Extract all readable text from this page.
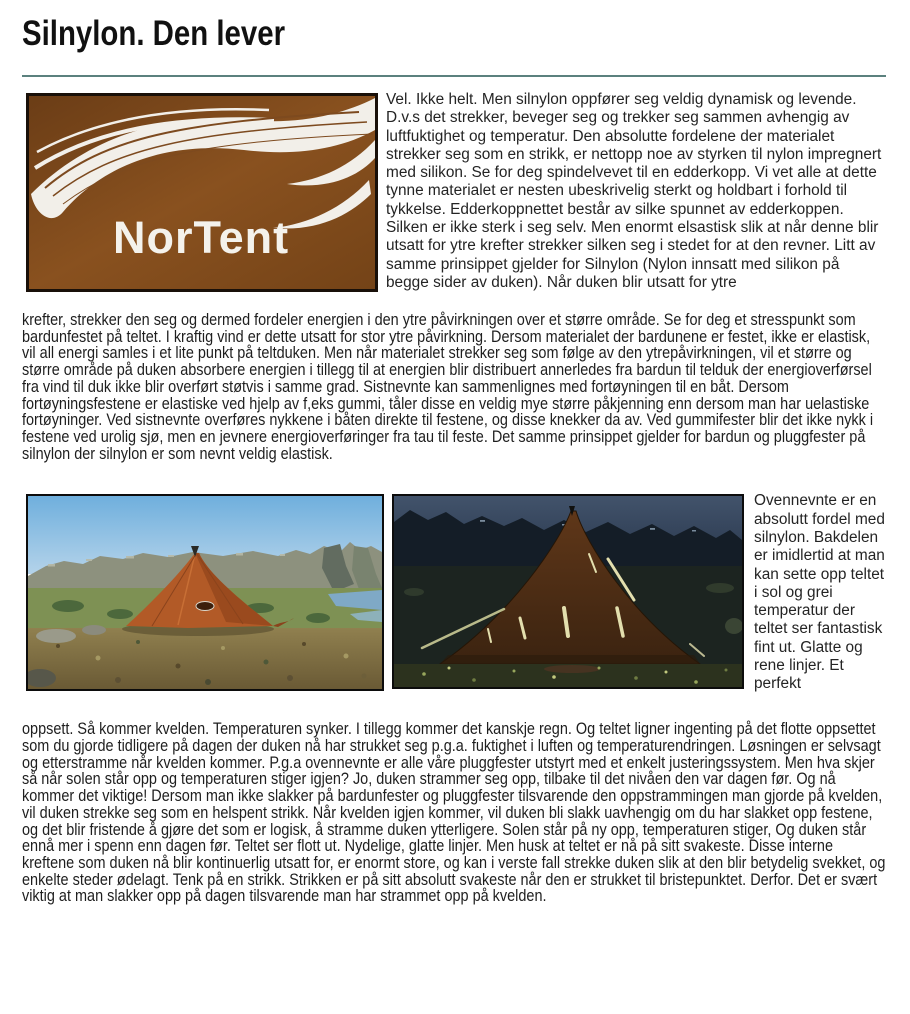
Silnylon. Den lever
NorTent

Vel. Ikke helt. Men silnylon oppfører seg veldig dynamisk og levende. D.v.s det strekker, beveger seg og trekker seg sammen avhengig av luftfuktighet og temperatur. Den absolutte fordelene der materialet strekker seg som en strikk, er nettopp noe av styrken til nylon impregnert med silikon. Se for deg spindelvevet til en edderkopp. Vi vet alle at dette tynne materialet er nesten ubeskrivelig sterkt og holdbart i forhold til tykkelse. Edderkoppnettet består av silke spunnet av edderkoppen. Silken er ikke sterk i seg selv. Men enormt elsastisk slik at når denne blir utsatt for ytre krefter strekker silken seg i stedet for at den revner. Litt av samme prinsippet gjelder for Silnylon (Nylon innsatt med silikon på begge sider av duken). Når duken blir utsatt for ytre

krefter, strekker den seg og dermed fordeler energien i den ytre påvirkningen over et større område. Se for deg et stresspunkt som bardunfestet på teltet. I kraftig vind er dette utsatt for stor ytre påvirkning. Dersom materialet der bardunene er festet, ikke er elastisk, vil all energi samles i et lite punkt på teltduken. Men når materialet strekker seg som følge av den ytrepåvirkningen, vil et større og større område på duken absorbere energien i tillegg til at energien blir distribuert annerledes fra bardun til telduk der energioverførsel fra vind til duk ikke blir overført støtvis i samme grad. Sistnevnte kan sammenlignes med fortøyningen til en båt. Dersom fortøyningsfestene er elastiske ved hjelp av f,eks gummi, tåler disse en veldig mye større påkjenning enn dersom man har uelastiske fortøyninger. Ved sistnevnte overføres nykkene i båten direkte til festene, og disse knekker da av. Ved gummifester blir det ikke nykk i festene ved urolig sjø, men en jevnere energioverføringer fra tau til feste. Det samme prinsippet gjelder for bardun og pluggfester på silnylon der silnylon er som nevnt veldig elastisk.

Ovennevnte er en absolutt fordel med silnylon. Bakdelen er imidlertid at man kan sette opp teltet i sol og grei temperatur der teltet ser fantastisk fint ut. Glatte og rene linjer. Et perfekt

oppsett. Så kommer kvelden. Temperaturen synker. I tillegg kommer det kanskje regn. Og teltet ligner ingenting på det flotte oppsettet som du gjorde tidligere på dagen der duken nå har strukket seg p.g.a. fuktighet i luften og temperaturendringen. Løsningen er selvsagt og etterstramme når kvelden kommer. P.g.a ovennevnte er alle våre pluggfester utstyrt med et enkelt justeringssystem. Men hva skjer så når solen står opp og temperaturen stiger igjen? Jo, duken strammer seg opp, tilbake til det nivåen den var dagen før. Og nå kommer det viktige! Dersom man ikke slakker på bardunfester og pluggfester tilsvarende den oppstrammingen man gjorde på kvelden, vil duken strekke seg som en helspent strikk. Når kvelden igjen kommer, vil duken bli slakk uavhengig om du har slakket opp festene, og det blir fristende å gjøre det som er logisk, å stramme duken ytterligere. Solen står på ny opp, temperaturen stiger, Og duken står ennå mer i spenn enn dagen før. Teltet ser flott ut. Nydelige, glatte linjer. Men husk at teltet er nå på sitt svakeste. Disse interne kreftene som duken nå blir kontinuerlig utsatt for, er enormt store, og kan i verste fall strekke duken slik at den blir betydelig svekket, og enkelte steder ødelagt. Tenk på en strikk. Strikken er på sitt absolutt svakeste når den er strukket til bristepunktet. Derfor. Det er svært viktig at man slakker opp på dagen tilsvarende man har strammet opp på kvelden.
